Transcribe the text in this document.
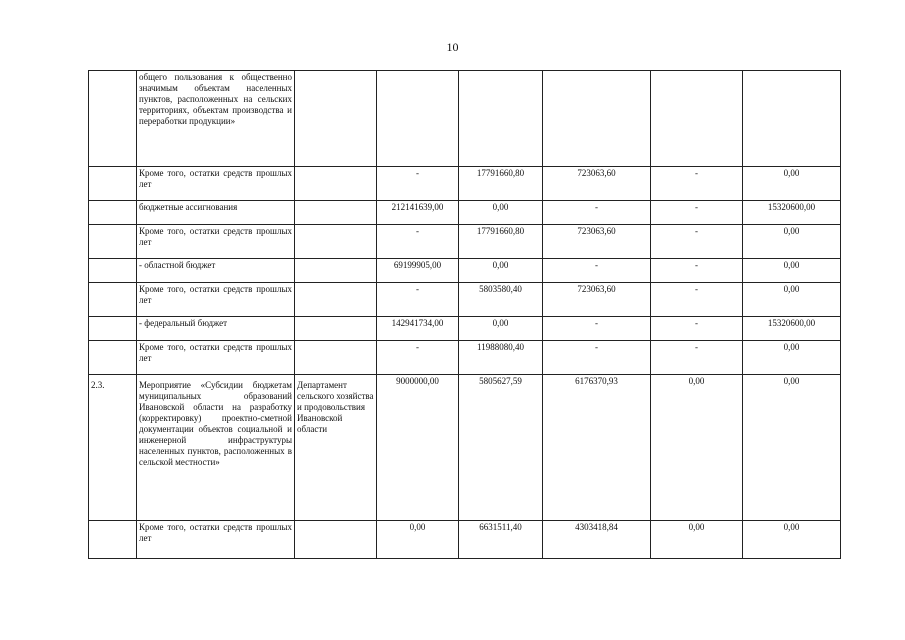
10
	общего пользования к общественно значимым объектам населенных пунктов, расположенных на сельских территориях, объектам производства и переработки продукции»						
	Кроме того, остатки средств прошлых лет		-	17791660,80	723063,60	-	0,00
	бюджетные ассигнования		212141639,00	0,00	-	-	15320600,00
	Кроме того, остатки средств прошлых лет		-	17791660,80	723063,60	-	0,00
	- областной бюджет		69199905,00	0,00	-	-	0,00
	Кроме того, остатки средств прошлых лет		-	5803580,40	723063,60	-	0,00
	- федеральный бюджет		142941734,00	0,00	-	-	15320600,00
	Кроме того, остатки средств прошлых лет		-	11988080,40	-	-	0,00
2.3.	Мероприятие «Субсидии бюджетам муниципальных образований Ивановской области на разработку (корректировку) проектно-сметной документации объектов социальной и инженерной инфраструктуры населенных пунктов, расположенных в сельской местности»	Департамент сельского хозяйства и продовольствия Ивановской области	9000000,00	5805627,59	6176370,93	0,00	0,00
	Кроме того, остатки средств прошлых лет		0,00	6631511,40	4303418,84	0,00	0,00
